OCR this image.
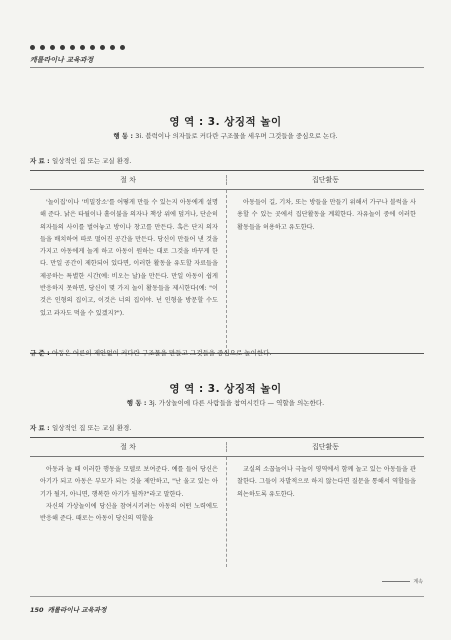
캐롤라이나 교육과정
영 역 : 3. 상징적 놀이
행 동 : 3i. 블럭이나 의자들로 커다란 구조물을 세우며 그것들을 중심으로 논다.
자 료 : 일상적인 집 또는 교실 환경.
절 차	집단활동

'놀이집'이나 '비밀장소'를 어떻게 만들 수 있는지 아동에게 설명해 준다. 낡은 타월이나 홑이불을 의자나 책상 위에 덮거나, 단순히 의자들의 사이를 벌어놓고 방이나 창고를 만든다. 혹은 단지 의자들을 배치하여 따로 떨어진 공간을 만든다. 당신이 만들어 낸 것을 가지고 아동에게 놀게 하고 아동이 원하는 대로 그것을 바꾸게 한다. 만일 공간이 제한되어 있다면, 이러한 활동을 유도할 자료들을 제공하는 특별한 시간(예: 비오는 날)을 만든다. 만일 아동이 쉽게 반응하지 못하면, 당신이 몇 가지 놀이 활동들을 제시한다(예: "이것은 인형의 집이고, 이것은 너의 집이야. 넌 인형을 방문할 수도 있고 과자도 먹을 수 있겠지?").

아동들이 길, 기차, 또는 방들을 만들기 위해서 가구나 블럭을 사용할 수 있는 곳에서 집단활동을 계획한다. 자유놀이 중에 이러한 활동들을 허용하고 유도한다.

규 준 : 아동은 어른의 제안없이 커다란 구조물을 만들고 그것들을 중심으로 놀이한다.
영 역 : 3. 상징적 놀이
행 동 : 3j. 가상놀이에 다른 사람들을 참여시킨다 — 역할을 의논한다.
자 료 : 일상적인 집 또는 교실 환경.
절 차	집단활동

아동과 놀 때 이러한 행동을 모델로 보여준다. 예를 들어 당신은 아기가 되고 아동은 부모가 되는 것을 제안하고, "난 울고 있는 아기가 될거, 아니면, 행복한 아기가 될까?"라고 말한다.

자신의 가상놀이에 당신을 참여시키려는 아동의 어떤 노력에도 반응해 준다. 때로는 아동이 당신의 역할을

교실의 소꿉놀이나 극놀이 영역에서 함께 놀고 있는 아동들을 관찰한다. 그들이 자발적으로 하지 않는다면 질문을 통해서 역할들을 의논하도록 유도한다.

계속
150 캐롤라이나 교육과정
